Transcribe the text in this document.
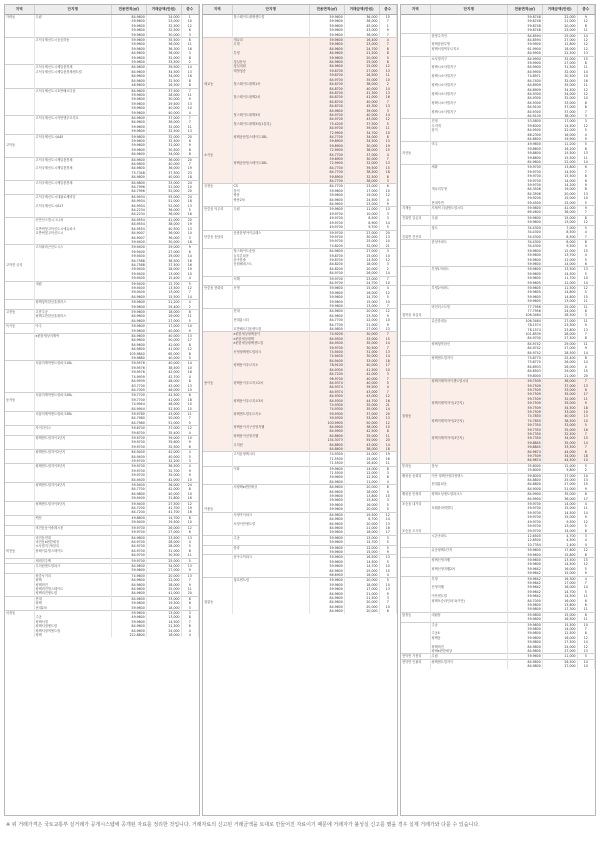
지역	단지명	전용면적(㎡)	거래금액(만원)	층수
가락동	우림	84.9600	24,000	1
		59.9600	23,000	10
		59.9600	32,500	12
		59.9600	32,500	6
		59.9600	30,000	3
	고덕국제신도시공공하동	59.9600	35,500	8
		59.9600	36,000	11
		59.9600	36,300	16
		84.9600	36,000	3
		59.9600	32,000	8
		59.9600	33,500	2
	고덕국제신도시제일풍경채	84.9600	39,500	14
	고덕국제신도시제일풍경채센트럴	84.9600	34,500	13
		84.9600	34,000	16
		84.9600	32,500	8
		46.9600	26,300	8
	고덕국제신도시호반베르디움	84.9600	37,500	7
		59.9600	28,000	11
		59.9600	30,000	9
		59.9600	29,500	13
		59.9600	40,000	10
		59.9600	40,000	4
	고덕국제신도시자연앤푸르지오	84.9600	37,000	7
		84.9600	36,000	7
		59.9600	32,000	11
		59.9600	32,500	13
	고덕국제신도시A45	59.9600	32,000	20
		59.9600	32,500	6
고덕동		59.9600	31,000	9
		59.9600	30,500	8
		84.9600	34,000	8
	고덕국제신도시제일풍경채	84.9600	36,000	20
		84.9800	40,000	7
	고덕국제신도시제일풍경채	84.9800	36,000	19
		75.7348	37,500	23
		84.9800	40,000	18
	고덕국제신도시제일풍경채	84.9800	33,000	24
		84.7996	51,000	10
		84.7996	52,000	20
	고덕국제신도시대광로제비앙	84.9934	55,000	24
		84.9934	51,000	18
	고덕국제신도시A17	84.9934	52,000	13
		84.2234	36,000	5
		84.2234	36,000	16
	신안인스빌시그니처	84.9554	41,000	20
		84.9554	38,000	19
	호반써밋고덕신도시에듀파크	84.9554	40,500	13
	호반써밋고덕신도시	84.9007	36,000	14
		84.9007	36,000	3
		59.9400	30,000	16
	고덕파라곤신도시스	59.9400	29,000	9
		59.9400	27,000	6
		59.9400	29,000	14
		84.7588	38,500	16
고덕면 궁리		84.7588	37,500	16
		59.9400	28,000	19
		59.9400	13,000	10
		59.9400	15,400	4
	대림	59.9400	12,700	5
		59.9400	13,500	12
		59.9400	13,000	7
		84.9600	15,500	14
	평택청북한신휴플러스	59.9600	21,200	4
		59.9600	25,400	2
고잔동	고잔주공	59.9600	18,000	8
	평택고잔한신휴플러스	84.9600	29,000	11
		84.9600	27,000	5
독곡동	아주	59.9600	17,000	10
		59.9600	40,000	9
	e편한세상지제역	84.9600	40,000	13
		84.9600	50,000	17
		84.9600	42,000	8
		84.9800	41,000	12
		105.9840	65,000	8
		59.9880	40,000	5
	더샵지제역센트럴파크1BL	59.9576	40,000	14
		59.9576	38,500	10
		59.9576	42,000	16
		74.9939	42,700	4
		84.9939	48,000	8
		83.7700	43,000	13
		84.7000	46,000	10
	더샵지제역센트럴파크2BL	59.7700	42,500	8
동삭동		59.7700	41,000	18
		74.9944	46,000	10
		84.9944	52,500	15
	더샵지제역센트럴파크3BL	59.9780	43,000	11
		84.7980	50,000	7
		84.7980	51,000	5
	자이더익스	59.6700	37,000	12
		59.6700	35,400	4
	평택센트럴자이1단지	59.9700	39,000	10
		59.9700	35,600	9
		59.9700	32,500	6
	평택센트럴자이2단지	84.9400	42,000	4
		84.9400	40,000	5
		59.9700	32,200	3
	평택센트럴자이3단지	59.9700	36,500	4
		59.9700	32,700	9
		59.9700	35,000	9
		84.9400	42,000	10
	평택센트럴자이4단지	59.9400	36,000	24
		84.7700	42,000	8
		84.9800	40,000	10
		59.9400	31,800	16
	평택센트럴자이5단지	59.9400	27,500	12
		84.7200	41,700	19
		84.7200	41,700	16
	백산	49.8600	14,700	8
		59.9400	19,500	10
	비전동동아솔레시움	59.9700	26,000	12
		59.9700	27,000	6
	비전동현대	84.9600	23,500	13
	비전동e편한세상	84.9700	28,000	4
	소사벌지구5블록	84.9700	28,000	5
비전동	솔레이유힐스테이트	84.9700	31,000	8
		84.9700	30,500	11
	새비전주택	59.9700	25,000	5
	우미린센트럴파크	84.9600	34,000	13
		59.9600	27,000	9
	원중사거리	74.9600	20,000	13
	평택	84.9600	22,000	7
	평택비전	84.9600	28,000	9
	평택비전힐스테이트	84.9600	25,000	11
	평택비전센트럴	84.9600	41,000	20
	현대	84.9600	33,000	8
	평택	59.9600	19,500	6
	현대2차	59.9600	18,000	3
서정동		59.9600	13,000	3
	주공	49.9600	13,000	8
	평택서정	59.9600	14,500	7
	평택서정센트럴	84.9600	21,500	6
	평택서정역센트럴	84.9600	24,000	4
	평택	222.8600	18,000	4
지역	단지명	전용면적(㎡)	거래금액(만원)	층수
	힐스테이트평택센트럴	59.9600	36,000	15
		59.9600	36,000	7
		59.9600	45,000	1
		59.9600	43,000	9
		59.9600	36,000	7
	개나리	59.9600	16,400	4
	무영	59.9600	23,000	7
		84.9600	24,700	8
	부영	84.9600	21,200	8
		59.9600	20,000	5
	청실삼성	84.9600	25,000	8
	청실대림	84.9600	25,000	12
	태영청송	59.8700	27,000	13
		59.8700	26,500	11
		84.9700	35,000	10
세교동	힐스테이트평택1차	84.8700	38,000	2
		84.8700	40,000	10
		84.8700	41,300	13
	힐스테이트평택2차	84.8700	41,000	16
		84.8700	40,000	7
		84.8700	45,300	13
		84.9600	39,000	3
	힐스테이트평택3차	84.9700	40,000	14
		84.9700	43,000	12
	힐스테이트평택3차(1블록)	75.4200	37,500	5
		84.9700	39,000	11
		72.9900	34,700	10
	평택송담힐스테이트1BL	84.7700	34,000	8
		59.8900	34,500	13
		59.8900	30,000	19
		72.9900	38,000	15
소사동		84.7700	37,000	4
		59.8900	30,000	7
	평택송담힐스테이트2BL	72.9900	32,000	13
		84.7700	39,500	15
		84.7700	38,500	18
		59.8900	32,500	8
		84.7700	38,000	3
신장동	CS	84.7700	23,000	6
	삼익	59.9600	17,000	10
	쌍용	59.9600	19,000	12
	쌍용2차	84.9600	24,500	4
		84.9600	23,000	9
안중읍 덕우리	우림	59.9600	11,000	13
		49.9700	10,000	3
		49.9700	8,500	3
		49.9700	8,900	14
		49.9700	9,700	5
	송담한양아이클래스	59.9700	27,000	20
안중읍 송담리		59.9700	30,000	13
		59.9700	25,000	10
		74.8200	32,000	21
	힐스테이트송담	84.9800	27,000	3
	늘푸른타운	59.8700	15,000	10
	동아한솔	59.8700	14,500	12
	동원베네스트	84.8200	18,000	3
		84.8200	20,000	2
		84.9700	26,000	14
	서해	59.9700	23,000	7
		84.9700	24,700	10
안중읍 현화리	신영	59.9600	15,000	4
		59.9600	16,000	12
		59.9600	14,700	5
		59.9600	15,000	10
		59.9600	13,000	7
	현대	84.9600	20,000	12
		84.9600	23,300	9
	현대홈시티	84.7700	22,000	10
		84.7700	21,000	9
	호반베르디움센트럴	84.9800	27,000	13
	e편한세상평택용이	74.9200	30,000	7
	e편한세상평택	84.9500	33,000	15
	e편한세상평택센트럴	84.9500	35,000	14
		59.9700	30,500	7
	신영평택센트럴파크	74.9400	31,000	13
		74.9400	30,000	14
		84.9400	33,000	18
	평택용이푸르지오	78.9100	40,000	17
		84.9300	41,500	10
		84.7200	42,000	3
		96.9700	40,000	7
용이동	평택용이푸르지오2차	84.9374	40,000	5
		84.9374	39,500	4
		84.9374	43,000	7
		84.9300	43,000	12
	평택용이푸르지오3차	84.9300	44,700	16
		74.9300	35,000	21
		74.9300	35,000	14
	평택센트럴푸르지오	59.9300	37,000	20
		59.9300	33,000	13
		100.9900	50,000	12
	평택용이지구신영지웰	84.9900	38,000	15
		84.9900	42,500	8
	평택용이신영지웰	84.8600	35,000	11
		134.3073	55,000	20
	우미린	84.8600	43,000	14
		84.8600	38,000	18
	고덕동평택시티	74.9300	24,000	19
		71.5500	15,000	16
		71.5500	16,400	11
	이화	59.9600	14,000	8
		71.5500	12,000	3
		59.9600	12,500	6
		84.9600	11,000	4
	서평택e편한세상	84.9600	20,000	6
		84.9600	18,000	4
		59.9600	13,800	15
		59.9600	15,400	3
		59.9600	16,000	5
이충동		59.9600	20,000	5
	서정아이파크	84.9600	19,500	12
		84.9600	6,700	14
	서정이안센트럴	84.9600	20,000	13
		84.9600	21,000	16
		59.9600	16,000	17
	주공	59.9600	13,000	3
		59.9600	14,700	5
	한라	59.9600	12,000	5
		59.9600	15,000	9
	동아고덕파크	59.9600	16,500	13
		59.9600	14,500	5
		59.9600	14,700	10
		84.9600	25,000	15
		66.6900	16,000	4
	청호센트럴	59.9600	20,000	5
		59.9600	18,000	10
		59.9600	17,000	13
		84.9600	21,000	9
		84.9600	21,500	3
청룡동		84.9600	20,000	7
		84.9600	20,000	10
		84.9600	20,000	6
지역	단지명	전용면적(㎡)	거래금액(만원)	층수
		59.8748	22,000	9
		59.8748	21,000	12
		59.8748	20,000	8
		59.8748	23,000	11
	한양수자인	84.8594	25,000	14
		84.8594	27,000	12
	평택송탄부영	59.9900	12,800	12
	평택서정역푸르지오	61.9900	18,000	12
		84.9900	22,500	13
	소사벌지구	84.9900	32,000	15
		59.9900	27,000	8
	평택시소사벌지구	84.9900	31,500	11
		84.9900	32,000	14
	평택시소사벌지구	74.8971	30,500	10
		84.7400	32,000	16
	평택시소사벌지구	84.8909	35,000	11
		84.8909	34,500	12
	평택시소사벌지구	84.9300	34,000	12
		84.9300	32,000	10
	평택시소사벌지구	84.9300	33,000	8
		84.9100	37,000	8
	평택시소사벌지구	84.9300	37,000	7
		84.9100	38,000	3
	건영	53.5800	17,000	3
	무지개	59.6000	14,500	12
	삼익	84.9500	22,000	5
		66.2300	16,000	4
		84.8600	19,900	9
	미주	49.9600	11,200	5
		59.8600	16,200	8
지산동		59.8600	15,500	13
		59.8600	15,500	11
		84.9600	22,000	14
	세화	59.9700	13,800	6
		59.9700	14,500	7
		59.9700	15,500	8
		59.9700	14,000	6
		59.9700	14,200	9
	개나리부영	84.3506	19,000	8
		84.3506	20,000	13
		59.9200	15,000	10
	현대자연	59.4500	15,000	5
지제동	지제역 더샵센트럴시티	59.9800	41,000	9
		69.4600	36,000	7
진위면 갈곶리	우림	59.9600	15,000	8
		59.9600	13,000	12
	청도	34.4300	7,000	5
		34.4300	8,500	4
진위면 견산리		34.4300	8,500	7
	한성아파트	34.4300	8,000	8
		34.4300	9,500	4
		59.9600	12,000	15
		59.9600	13,700	4
		59.9600	12,000	5
		59.9600	14,000	6
	부영1아파트	59.9600	13,500	13
		59.9600	14,500	5
		59.9605	11,700	10
		59.9605	12,000	14
	부영2아파트	59.9605	11,500	12
		59.9605	14,800	5
		59.9605	14,800	15
		59.9605	13,000	11
	비전더스트힐	77.7956	25,000	11
		77.7956	24,000	8
청북읍 옥길리		106.3464	28,500	3
	유승한내들	106.3464	27,000	11
		78.1574	23,300	9
		78.1574	23,800	13
		101.8539	28,000	7
		84.9700	27,500	8
	평택청북한신	84.9742	29,000	11
		84.9742	27,000	9
		84.9742	28,500	14
	평택센트럴자이	75.8770	25,400	8
		75.8770	26,000	14
		84.6503	26,000	4
		84.6503	29,000	15
		59.8000	21,000	20
	평택지제역자이센트럴시티	59.7509	36,000	7
		59.7509	37,000	13
		59.7509	33,000	6
		59.7509	35,000	17
		59.7509	32,000	11
	평택지제역자이(1단지)	59.7509	35,000	9
		59.7509	34,500	18
		59.7509	33,000	10
칠원동		74.7850	40,000	13
	평택지제역자이(2단지)	74.7850	38,500	10
		59.7350	33,000	5
		59.7350	35,000	16
		59.7350	32,500	7
	평택지제역자이(3단지)	59.7350	34,000	15
		59.8845	35,000	14
		59.8845	33,500	7
		84.9674	44,000	6
		59.7509	34,000	18
		84.9674	44,500	10
통복동	삼성	35.8000	12,000	5
		35.8000	9,800	2
팽성읍 송화리	이안 평택안정리정앤스	59.8000	17,000	10
		84.8800	25,000	13
	현대홈타운	84.8800	27,000	15
		84.9000	21,000	9
팽성읍 안정리	평택오성센트럴파크스	84.9900	35,000	6
		84.9900	36,000	17
포승읍 내기리		59.9700	14,000	4
	포레한라비발디	59.9700	15,000	11
		59.9700	14,500	14
		59.9700	15,000	9
		49.9700	9,500	12
		59.9700	13,000	5
포승읍 도곡리		59.9700	14,000	8
	시온아파트	12.6500	4,700	3
		12.6500	4,500	4
		10.7354	2,400	4
	유승평택1단지	59.9600	17,600	12
		59.9600	15,800	8
	평택신영지웰	59.9600	13,500	15
		59.9600	14,500	12
	평택신영지웰2차	59.9642	16,000	5
		59.9642	15,000	9
	부영	59.9642	16,300	4
		59.9642	17,000	7
	신영지웰	59.9642	16,000	14
		59.9642	14,700	5
	이안센트럴	59.9642	14,500	11
	평택포승라인파크(이안)	84.7000	16,000	6
		59.9800	13,800	6
		59.9800	17,300	11
합정동	대림삼	59.9800	15,000	6
		59.9800	16,500	11
	주공	59.9800	15,500	10
		59.9800	14,000	7
	주공4	59.9800	12,500	8
	평택동	59.9800	16,000	12
		59.9800	17,500	14
	평택비전	84.9800	24,000	12
	평택e편한세상	84.9800	27,000	13
현덕면 가봉리	우림	59.9600	11,000	5
현덕면 인광리	평택센트럴자이	84.9800	26,500	14
		84.9800	27,000	10
※ 위 거래가격은 국토교통부 실거래가 공개시스템에 공개된 자료를 정리한 것입니다. 거래자료의 신고된 거래금액을 토대로 만들어진 자료이기 때문에 거래자가 불성실 신고를 했을 경우 실제 거래가와 다를 수 있습니다.
